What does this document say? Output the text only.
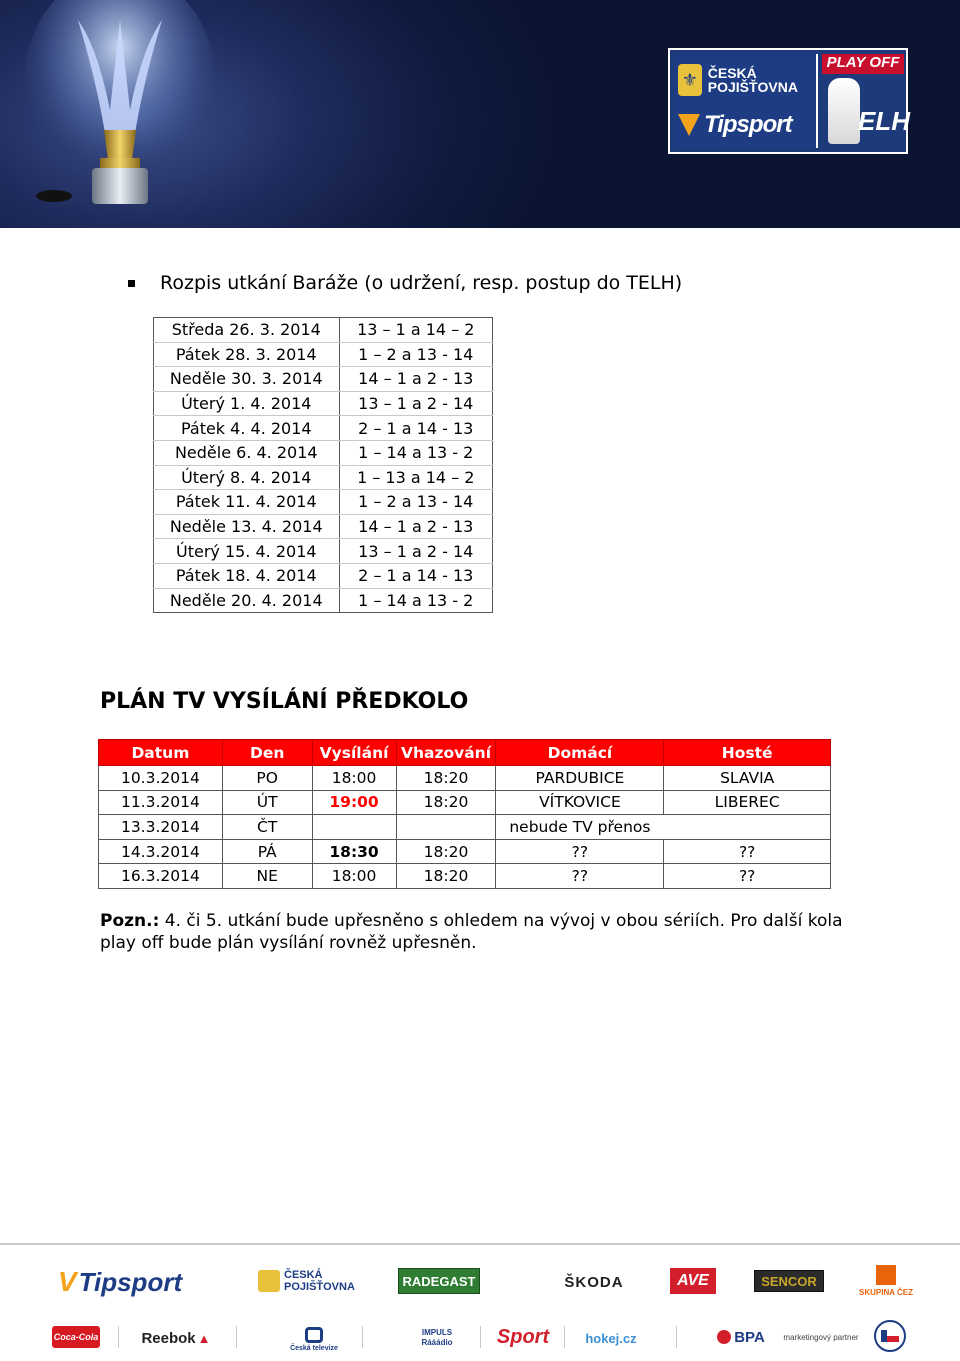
⚜ ČESKÁ POJIŠŤOVNA
Tipsport
PLAY OFF
ELH
Rozpis utkání Baráže (o udržení, resp. postup do TELH)
Středa 26. 3. 2014	13 – 1 a 14 – 2
Pátek 28. 3. 2014	1 – 2 a 13 - 14
Neděle 30. 3. 2014	14 – 1 a 2 - 13
Úterý 1. 4. 2014	13 – 1 a 2 - 14
Pátek 4. 4. 2014	2 – 1 a 14 - 13
Neděle 6. 4. 2014	1 – 14 a 13 - 2
Úterý 8. 4. 2014	1 – 13 a 14 – 2
Pátek 11. 4. 2014	1 – 2 a 13 - 14
Neděle 13. 4. 2014	14 – 1 a 2 - 13
Úterý 15. 4. 2014	13 – 1 a 2 - 14
Pátek 18. 4. 2014	2 – 1 a 14 - 13
Neděle 20. 4. 2014	1 – 14 a 13 - 2
PLÁN TV VYSÍLÁNÍ PŘEDKOLO
Datum	Den	Vysílání	Vhazování	Domácí	Hosté
10.3.2014	PO	18:00	18:20	PARDUBICE	SLAVIA
11.3.2014	ÚT	19:00	18:20	VÍTKOVICE	LIBEREC
13.3.2014	ČT			nebude TV přenos	
14.3.2014	PÁ	18:30	18:20	??	??
16.3.2014	NE	18:00	18:20	??	??
Pozn.: 4. či 5. utkání bude upřesněno s ohledem na vývoj v obou sériích. Pro další kola play off bude plán vysílání rovněž upřesněn.
V Tipsport	ČESKÁ POJIŠŤOVNA	RADEGAST	ŠKODA	AVE	SENCOR
SKUPINA ČEZ
Coca-Cola	Reebok ▲
Česká televize
IMPULS Rááádio	Sport	hokej.cz	BPA marketingový partner
